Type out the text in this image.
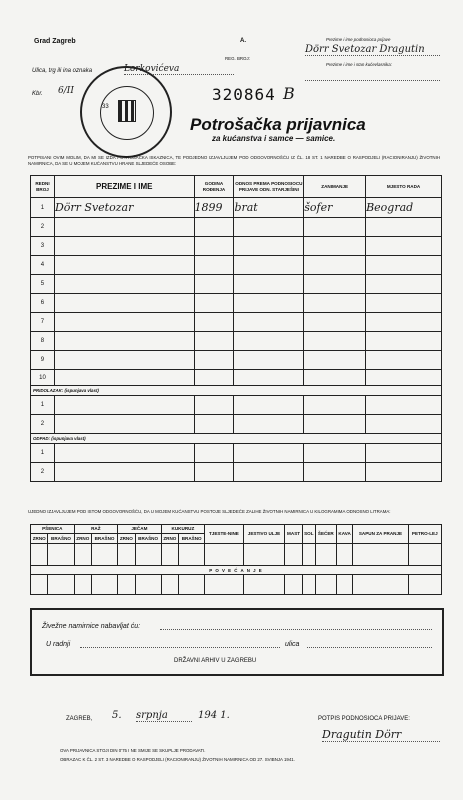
Grad Zagreb	A.
REG. BROJ:
Prezime i ime podnosioca prijave
Dörr Svetozar Dragutin
Prezime i ime i stan kućevlasnika:
Ulica, trg ili ina oznaka	Lorkovićeva
Kbr. 6/II	320864 B
33
Potrošačka prijavnica
za kućanstva i samce — samice.
POTPISANI OVIM MOLIM, DA MI SE IZDA POTROŠAČKA ISKAZNICA, TE PODJEDNO IZJAVLJUJEM POD ODGOVORNOŠĆU IZ ČL. 18 ST. 1 NAREDBE O RASPODJELI (RACIONIRANJU) ŽIVOTNIH NAMIRNICA, DA SE U MOJEM KUĆANSTVU HRANE SLJEDEĆE OSOBE:
REDNI BROJ	PREZIME I IME	GODINA ROĐENJA	ODNOS PREMA PODNOSIOCU PRIJAVE ODN. STARJEŠINI	ZANIMANJE	MJESTO RADA
1	Dörr Svetozar	1899	brat	šofer	Beograd
2					
3					
4					
5					
6					
7					
8					
9					
10					
PRIDOLAZAK: (ispunjava vlast)					
1					
2					
ODPAD: (ispunjava vlast)					
1					
2					
UJEDNO IZJAVLJUJEM POD ISTOM ODGOVORNOŠĆU, DA U MOJEM KUĆANSTVU POSTOJE SLJEDEĆE ZALIHE ŽIVOTNIH NAMIRNICA U KILOGRAMIMA ODNOSNO LITRAMA:
PŠENICA		RAŽ		JEČAM		KUKURUZ		TJESTE-NINE	JESTIVO ULJE	MAST	SOL	ŠEĆER	KAVA	SAPUN ZA PRANJE	PETRO-LEJ
ZRNO	BRAŠNO	ZRNO	BRAŠNO	ZRNO	BRAŠNO	ZRNO	BRAŠNO								

P O V E Ć A N J E															

Živežne namirnice nabavljat ću:
U radnji	ulica
DRŽAVNI ARHIV U ZAGREBU
ZAGREB, 5. srpnja	194 1.	POTPIS PODNOSIOCA PRIJAVE:
Dragutin Dörr
OVA PRIJAVNICA STOJI DIN 0'75 I NE SMIJE SE SKUPLJE PRODAVATI.
OBRAZAC K ČL. 2 ST. 3 NAREDBE O RASPODJELI (RACIONIRANJU) ŽIVOTNIH NAMIRNICA OD 27. SVIBNJA 1941.
